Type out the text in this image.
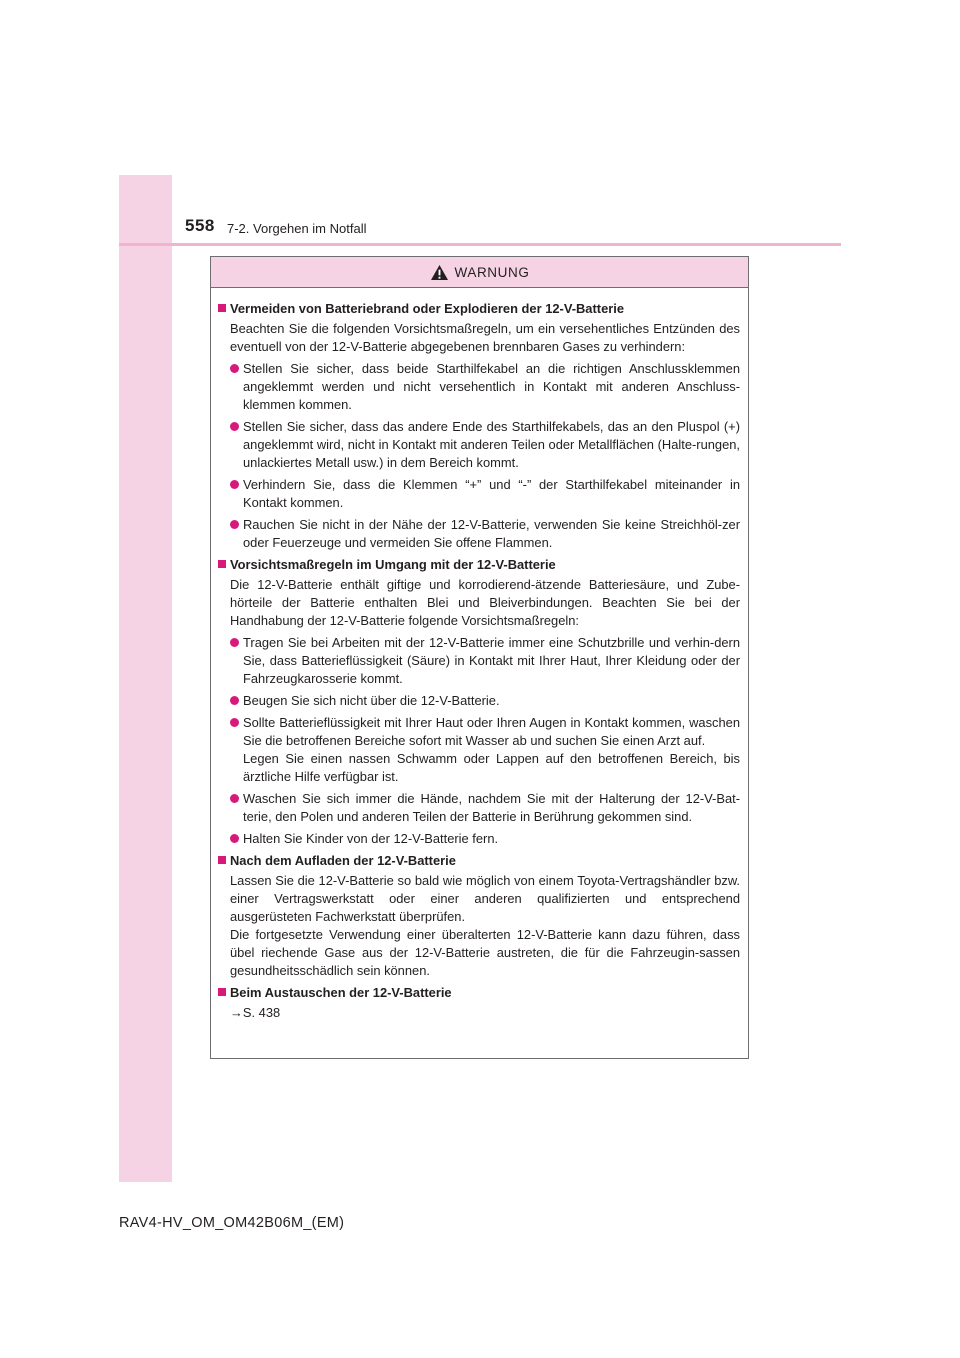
558 7-2. Vorgehen im Notfall
WARNUNG
Vermeiden von Batteriebrand oder Explodieren der 12-V-Batterie
Beachten Sie die folgenden Vorsichtsmaßregeln, um ein versehentliches Entzünden des eventuell von der 12-V-Batterie abgegebenen brennbaren Gases zu verhindern:
Stellen Sie sicher, dass beide Starthilfekabel an die richtigen Anschlussklemmen angeklemmt werden und nicht versehentlich in Kontakt mit anderen Anschluss-klemmen kommen.
Stellen Sie sicher, dass das andere Ende des Starthilfekabels, das an den Pluspol (+) angeklemmt wird, nicht in Kontakt mit anderen Teilen oder Metallflächen (Halte-rungen, unlackiertes Metall usw.) in dem Bereich kommt.
Verhindern Sie, dass die Klemmen “+” und “-” der Starthilfekabel miteinander in Kontakt kommen.
Rauchen Sie nicht in der Nähe der 12-V-Batterie, verwenden Sie keine Streichhöl-zer oder Feuerzeuge und vermeiden Sie offene Flammen.
Vorsichtsmaßregeln im Umgang mit der 12-V-Batterie
Die 12-V-Batterie enthält giftige und korrodierend-ätzende Batteriesäure, und Zube-hörteile der Batterie enthalten Blei und Bleiverbindungen. Beachten Sie bei der Handhabung der 12-V-Batterie folgende Vorsichtsmaßregeln:
Tragen Sie bei Arbeiten mit der 12-V-Batterie immer eine Schutzbrille und verhin-dern Sie, dass Batterieflüssigkeit (Säure) in Kontakt mit Ihrer Haut, Ihrer Kleidung oder der Fahrzeugkarosserie kommt.
Beugen Sie sich nicht über die 12-V-Batterie.
Sollte Batterieflüssigkeit mit Ihrer Haut oder Ihren Augen in Kontakt kommen, waschen Sie die betroffenen Bereiche sofort mit Wasser ab und suchen Sie einen Arzt auf.
Legen Sie einen nassen Schwamm oder Lappen auf den betroffenen Bereich, bis ärztliche Hilfe verfügbar ist.
Waschen Sie sich immer die Hände, nachdem Sie mit der Halterung der 12-V-Bat-terie, den Polen und anderen Teilen der Batterie in Berührung gekommen sind.
Halten Sie Kinder von der 12-V-Batterie fern.
Nach dem Aufladen der 12-V-Batterie
Lassen Sie die 12-V-Batterie so bald wie möglich von einem Toyota-Vertragshändler bzw. einer Vertragswerkstatt oder einer anderen qualifizierten und entsprechend ausgerüsteten Fachwerkstatt überprüfen.
Die fortgesetzte Verwendung einer überalterten 12-V-Batterie kann dazu führen, dass übel riechende Gase aus der 12-V-Batterie austreten, die für die Fahrzeugin-sassen gesundheitsschädlich sein können.
Beim Austauschen der 12-V-Batterie
→S. 438
RAV4-HV_OM_OM42B06M_(EM)
